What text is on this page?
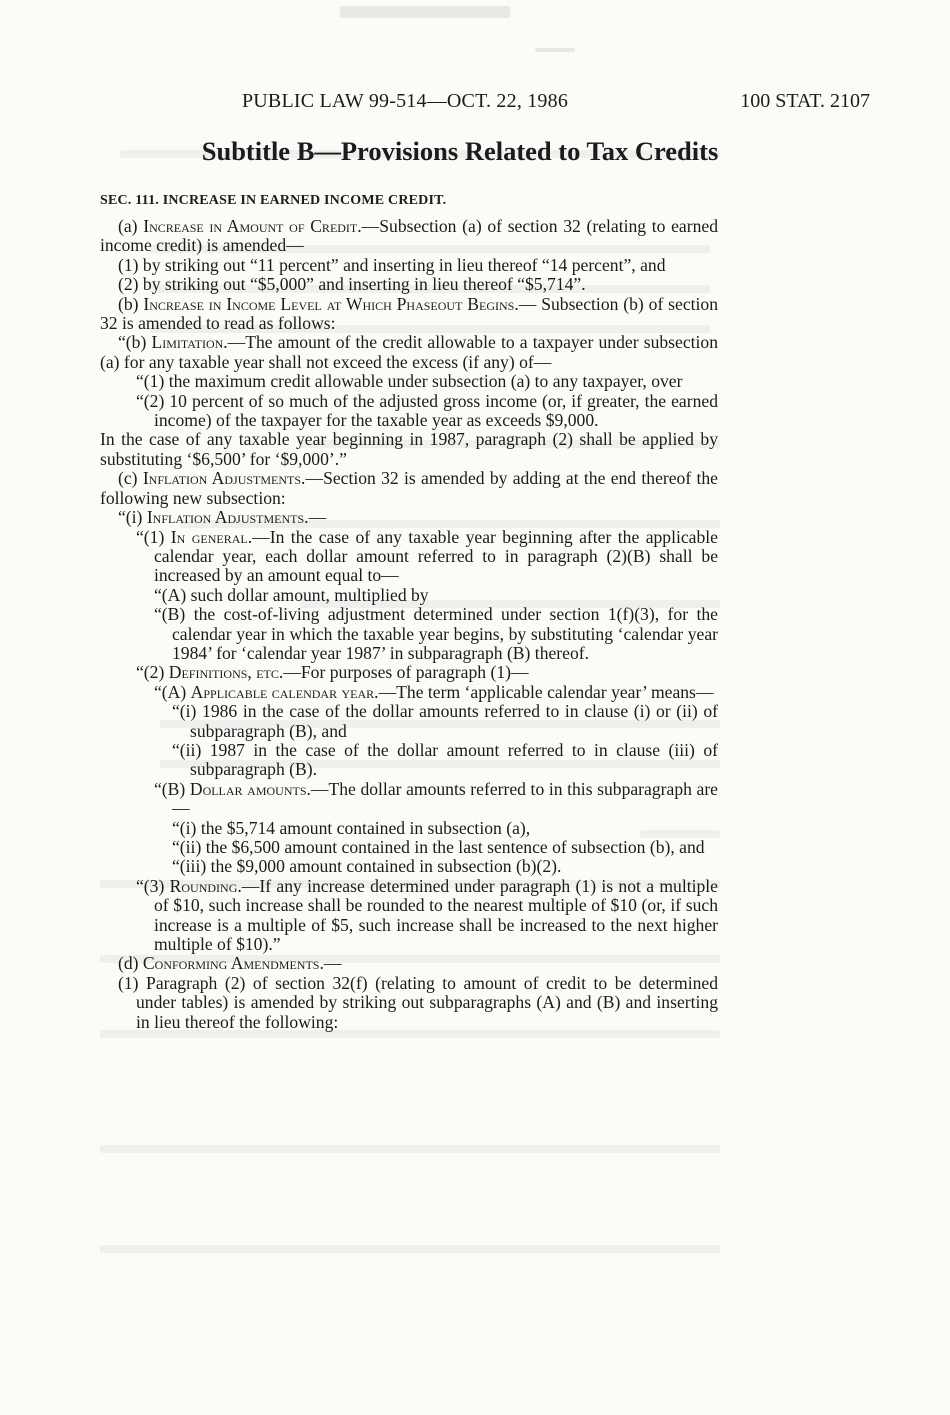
PUBLIC LAW 99-514—OCT. 22, 1986	100 STAT. 2107
Subtitle B—Provisions Related to Tax Credits
SEC. 111. INCREASE IN EARNED INCOME CREDIT.

(a) Increase in Amount of Credit.—Subsection (a) of section 32 (relating to earned income credit) is amended—

(1) by striking out “11 percent” and inserting in lieu thereof “14 percent”, and

(2) by striking out “$5,000” and inserting in lieu thereof “$5,714”.

(b) Increase in Income Level at Which Phaseout Begins.— Subsection (b) of section 32 is amended to read as follows:

“(b) Limitation.—The amount of the credit allowable to a taxpayer under subsection (a) for any taxable year shall not exceed the excess (if any) of—

“(1) the maximum credit allowable under subsection (a) to any taxpayer, over

“(2) 10 percent of so much of the adjusted gross income (or, if greater, the earned income) of the taxpayer for the taxable year as exceeds $9,000.

In the case of any taxable year beginning in 1987, paragraph (2) shall be applied by substituting ‘$6,500’ for ‘$9,000’.”

(c) Inflation Adjustments.—Section 32 is amended by adding at the end thereof the following new subsection:

“(i) Inflation Adjustments.—

“(1) In general.—In the case of any taxable year beginning after the applicable calendar year, each dollar amount referred to in paragraph (2)(B) shall be increased by an amount equal to—

“(A) such dollar amount, multiplied by

“(B) the cost-of-living adjustment determined under section 1(f)(3), for the calendar year in which the taxable year begins, by substituting ‘calendar year 1984’ for ‘calendar year 1987’ in subparagraph (B) thereof.

“(2) Definitions, etc.—For purposes of paragraph (1)—

“(A) Applicable calendar year.—The term ‘applicable calendar year’ means—

“(i) 1986 in the case of the dollar amounts referred to in clause (i) or (ii) of subparagraph (B), and

“(ii) 1987 in the case of the dollar amount referred to in clause (iii) of subparagraph (B).

“(B) Dollar amounts.—The dollar amounts referred to in this subparagraph are—

“(i) the $5,714 amount contained in subsection (a),

“(ii) the $6,500 amount contained in the last sentence of subsection (b), and

“(iii) the $9,000 amount contained in subsection (b)(2).

“(3) Rounding.—If any increase determined under paragraph (1) is not a multiple of $10, such increase shall be rounded to the nearest multiple of $10 (or, if such increase is a multiple of $5, such increase shall be increased to the next higher multiple of $10).”

(d) Conforming Amendments.—

(1) Paragraph (2) of section 32(f) (relating to amount of credit to be determined under tables) is amended by striking out subparagraphs (A) and (B) and inserting in lieu thereof the following:
